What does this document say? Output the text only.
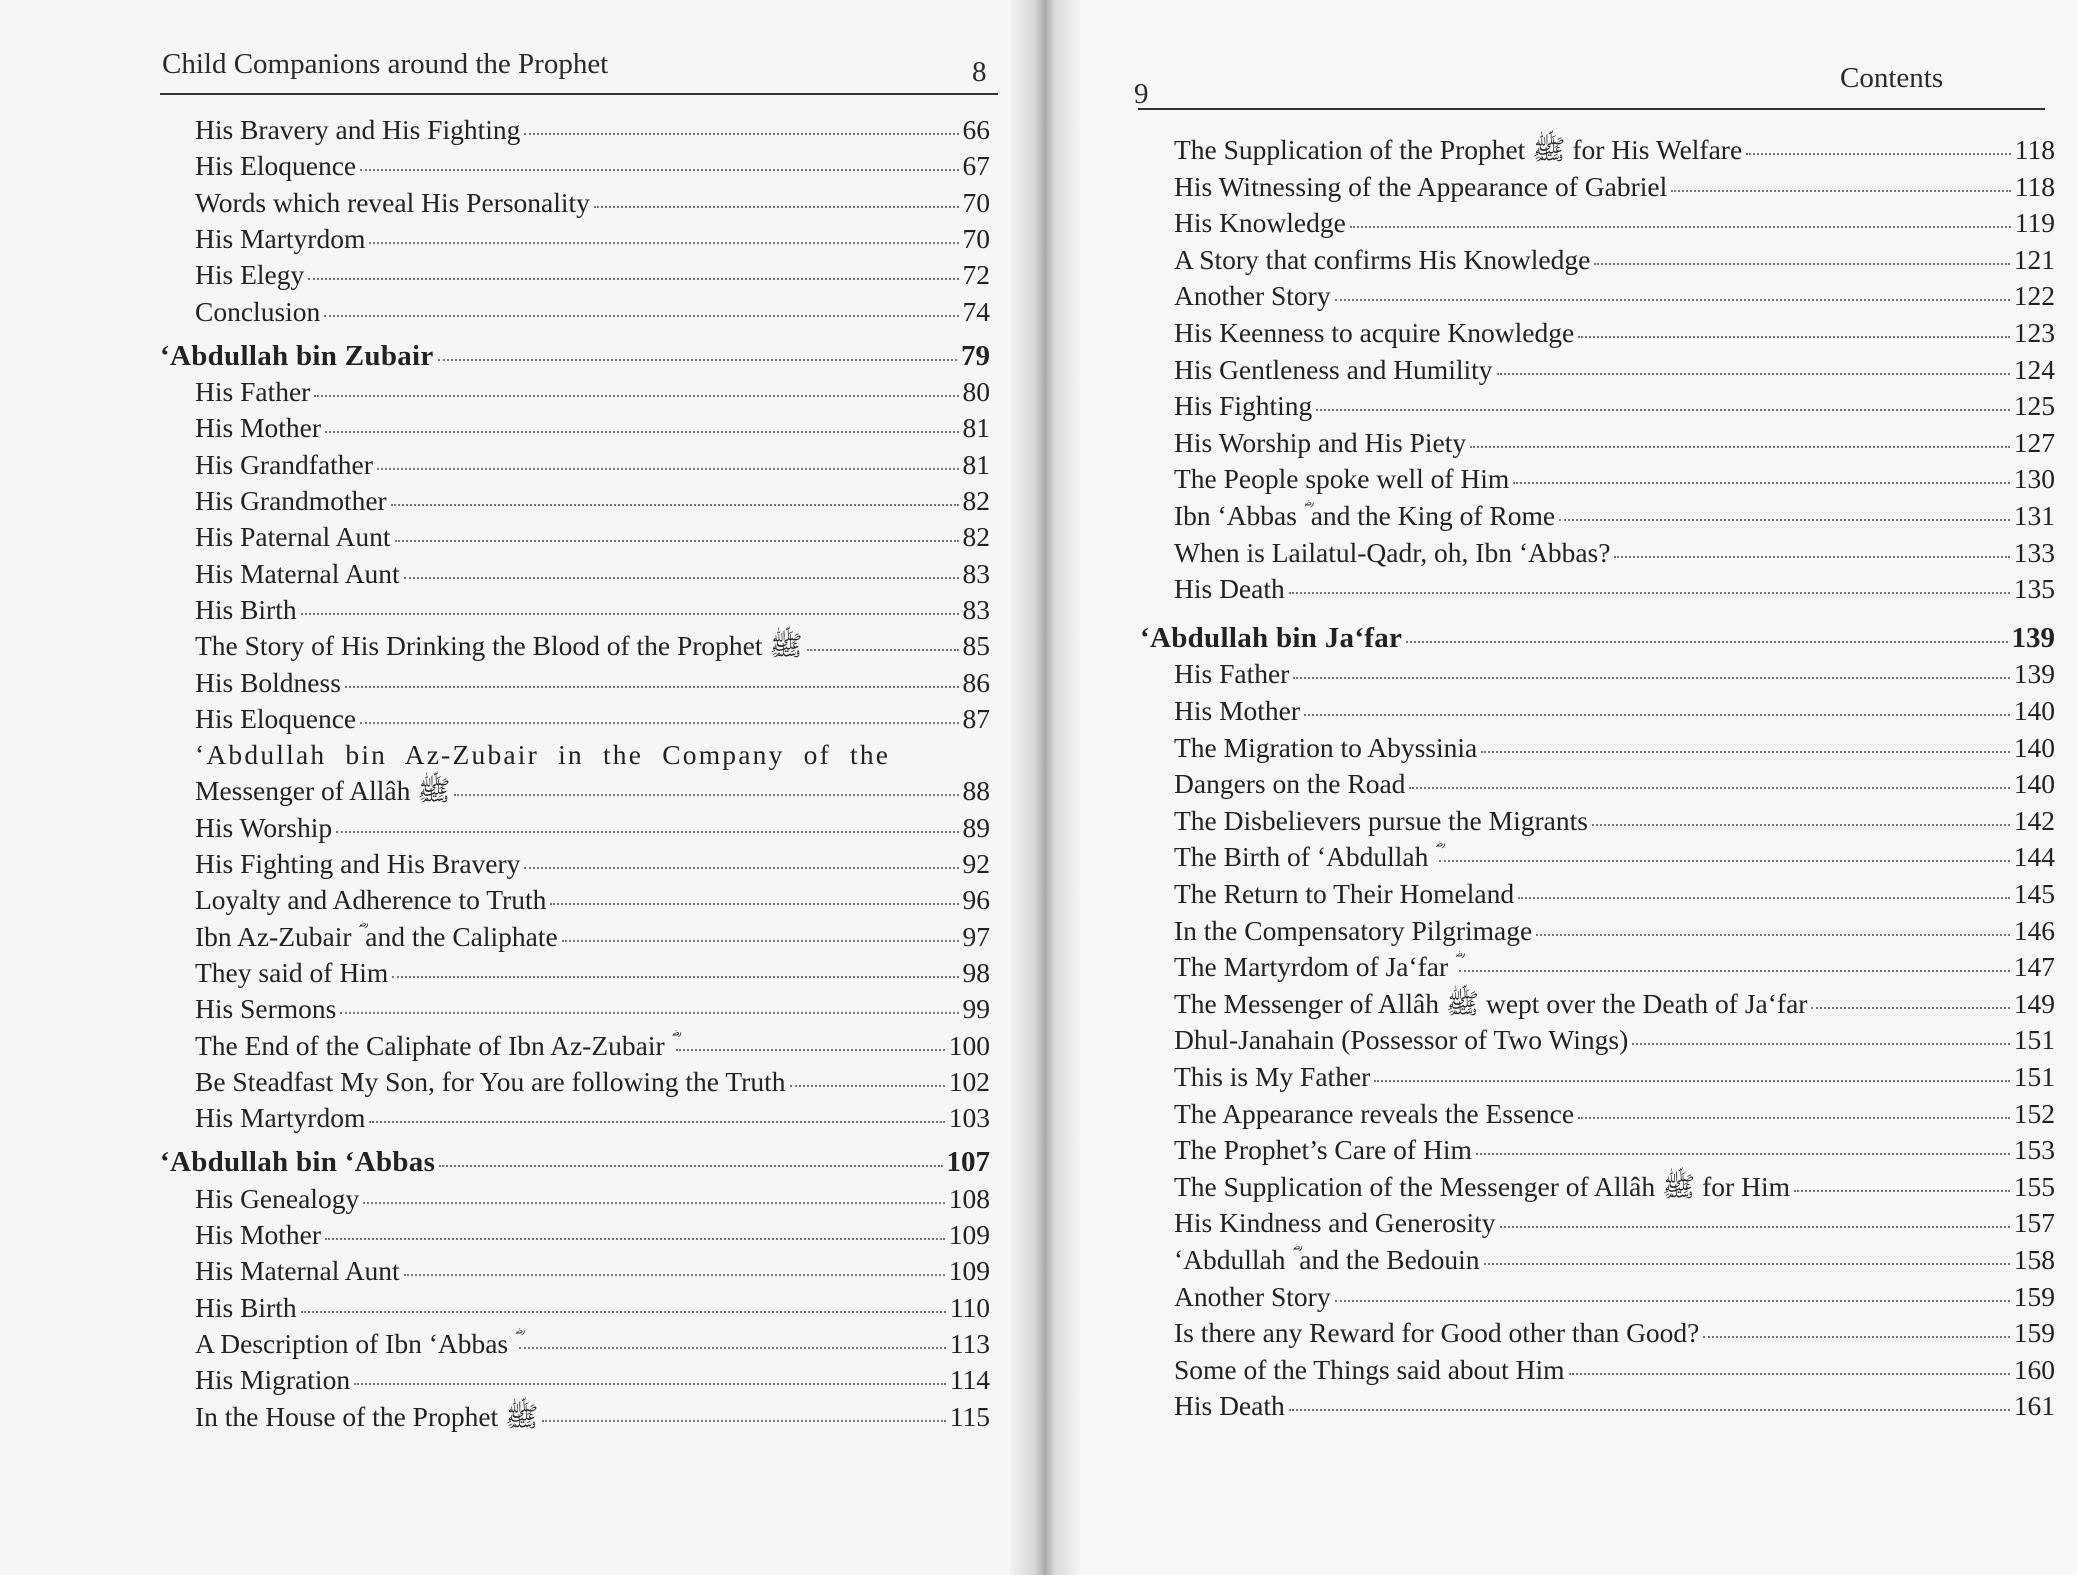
Child Companions around the Prophet	8
His Bravery and His Fighting	66
His Eloquence	67
Words which reveal His Personality	70
His Martyrdom	70
His Elegy	72
Conclusion	74
‘Abdullah bin Zubair	79
His Father	80
His Mother	81
His Grandfather	81
His Grandmother	82
His Paternal Aunt	82
His Maternal Aunt	83
His Birth	83
The Story of His Drinking the Blood of the Prophet ﷺ	85
His Boldness	86
His Eloquence	87
‘Abdullah bin Az-Zubair in the Company of the
Messenger of Allâh ﷺ	88
His Worship	89
His Fighting and His Bravery	92
Loyalty and Adherence to Truth	96
Ibn Az-Zubair ؓ and the Caliphate	97
They said of Him	98
His Sermons	99
The End of the Caliphate of Ibn Az-Zubair ؓ	100
Be Steadfast My Son, for You are following the Truth	102
His Martyrdom	103
‘Abdullah bin ‘Abbas	107
His Genealogy	108
His Mother	109
His Maternal Aunt	109
His Birth	110
A Description of Ibn ‘Abbas ؓ	113
His Migration	114
In the House of the Prophet ﷺ	115
Contents
9
The Supplication of the Prophet ﷺ for His Welfare	118
His Witnessing of the Appearance of Gabriel	118
His Knowledge	119
A Story that confirms His Knowledge	121
Another Story	122
His Keenness to acquire Knowledge	123
His Gentleness and Humility	124
His Fighting	125
His Worship and His Piety	127
The People spoke well of Him	130
Ibn ‘Abbas ؓ and the King of Rome	131
When is Lailatul-Qadr, oh, Ibn ‘Abbas?	133
His Death	135
‘Abdullah bin Ja‘far	139
His Father	139
His Mother	140
The Migration to Abyssinia	140
Dangers on the Road	140
The Disbelievers pursue the Migrants	142
The Birth of ‘Abdullah ؓ	144
The Return to Their Homeland	145
In the Compensatory Pilgrimage	146
The Martyrdom of Ja‘far ؓ	147
The Messenger of Allâh ﷺ wept over the Death of Ja‘far	149
Dhul-Janahain (Possessor of Two Wings)	151
This is My Father	151
The Appearance reveals the Essence	152
The Prophet’s Care of Him	153
The Supplication of the Messenger of Allâh ﷺ for Him	155
His Kindness and Generosity	157
‘Abdullah ؓ and the Bedouin	158
Another Story	159
Is there any Reward for Good other than Good?	159
Some of the Things said about Him	160
His Death	161
